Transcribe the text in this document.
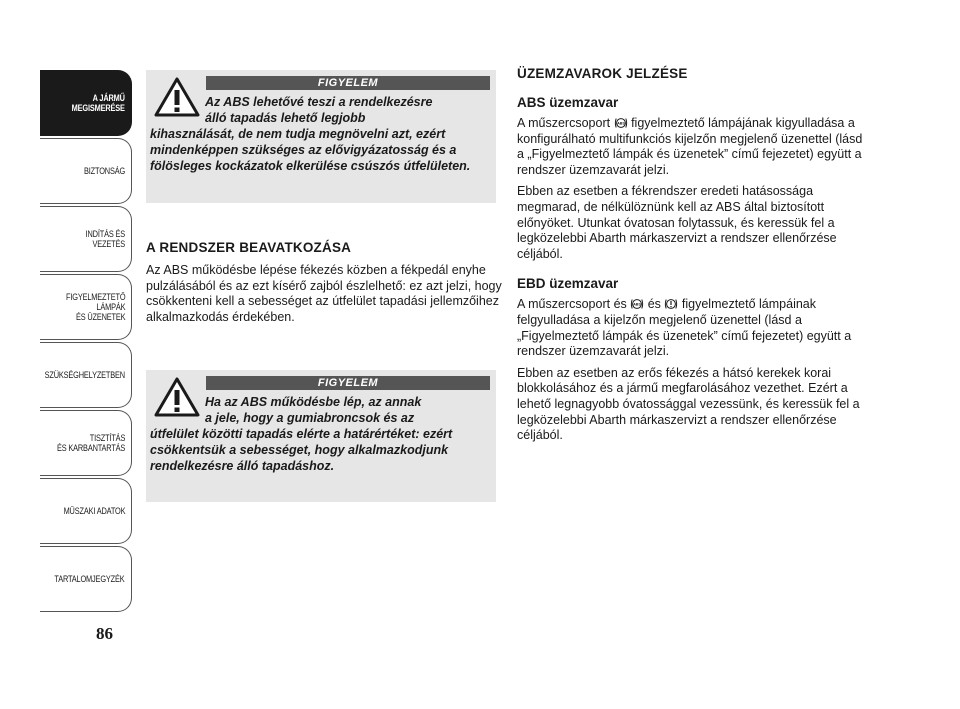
A JÁRMŰ
MEGISMERÉSE
BIZTONSÁG
INDÍTÁS ÉS VEZETÉS
FIGYELMEZTETŐ
LÁMPÁK
ÉS ÜZENETEK
SZÜKSÉGHELYZETBEN
TISZTÍTÁS
ÉS KARBANTARTÁS
MŰSZAKI ADATOK
TARTALOMJEGYZÉK
86
FIGYELEM
Az ABS lehetővé teszi a rendelkezésre
álló tapadás lehető legjobb

kihasználását, de nem tudja megnövelni azt, ezért mindenképpen szükséges az elővigyázatosság és a fölösleges kockázatok elkerülése csúszós útfelületen.

A RENDSZER BEAVATKOZÁSA

Az ABS működésbe lépése fékezés közben a fékpedál enyhe pulzálásából és az ezt kísérő zajból észlelhető: ez azt jelzi, hogy csökkenteni kell a sebességet az útfelület tapadási jellemzőihez alkalmazkodás érdekében.

FIGYELEM
Ha az ABS működésbe lép, az annak
a jele, hogy a gumiabroncsok és az

útfelület közötti tapadás elérte a határértéket: ezért csökkentsük a sebességet, hogy alkalmazkodjunk rendelkezésre álló tapadáshoz.

ÜZEMZAVAROK JELZÉSE
ABS üzemzavar

A műszercsoport ABS figyelmeztető lámpájának kigyulladása a konfigurálható multifunkciós kijelzőn megjelenő üzenettel (lásd a „Figyelmeztető lámpák és üzenetek” című fejezetet) együtt a rendszer üzemzavarát jelzi.

Ebben az esetben a fékrendszer eredeti hatásossága megmarad, de nélkülöznünk kell az ABS által biztosított előnyöket. Utunkat óvatosan folytassuk, és keressük fel a legközelebbi Abarth márkaszervizt a rendszer ellenőrzése céljából.

EBD üzemzavar

A műszercsoport és ABS és figyelmeztető lámpáinak felgyulladása a kijelzőn megjelenő üzenettel (lásd a „Figyelmeztető lámpák és üzenetek” című fejezetet) együtt a rendszer üzemzavarát jelzi.

Ebben az esetben az erős fékezés a hátsó kerekek korai blokkolásához és a jármű megfarolásához vezethet. Ezért a lehető legnagyobb óvatossággal vezessünk, és keressük fel a legközelebbi Abarth márkaszervizt a rendszer ellenőrzése céljából.
